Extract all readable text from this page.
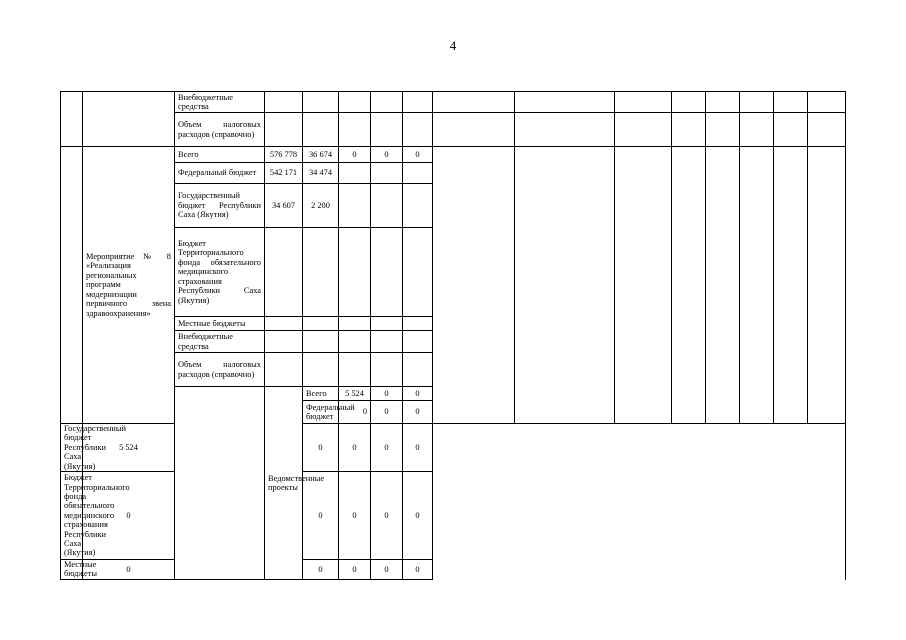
4
		Внебюджетные средства														
		Объем налоговых расходов (справочно)														
	Мероприятие № 8 «Реализация региональных программ модернизации первичного звена здравоохранения»	Всего	576 778	36 674	0	0	0									
		Федеральный бюджет	542 171	34 474												
		Государственный бюджет Республики Саха (Якутия)	34 607	2 200												
		Бюджет Территориального фонда обязательного медицинского страхования Республики Саха (Якутия)														
		Местные бюджеты														
		Внебюджетные средства														
		Объем налоговых расходов (справочно)														
			Ведомственные проекты	Всего	5 524	0	0										
				Федеральный бюджет	0	0	0		
Государственный бюджет Республики Саха (Якутия)	5 524			0	0	0	0									
Бюджет Территориального фонда обязательного медицинского страхования Республики Саха (Якутия)	0			0	0	0	0									
Местные бюджеты	0			0	0	0	0									
